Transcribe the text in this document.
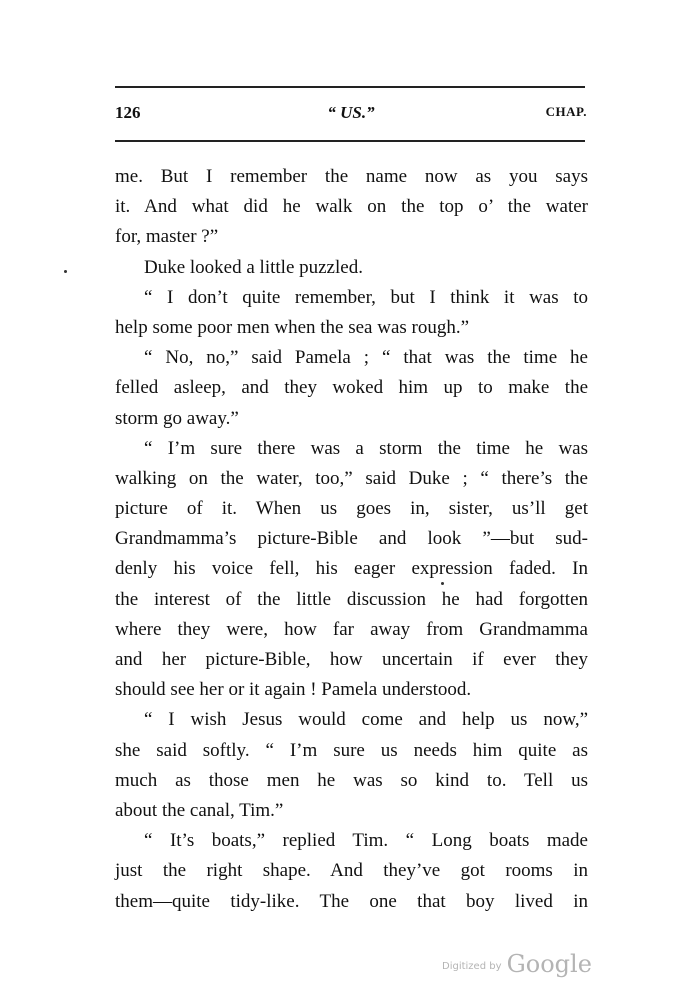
126	“ US.”	CHAP.
me. But I remember the name now as you says
it. And what did he walk on the top o’ the water
for, master ?”
Duke looked a little puzzled.
“ I don’t quite remember, but I think it was to
help some poor men when the sea was rough.”
“ No, no,” said Pamela ; “ that was the time he
felled asleep, and they woked him up to make the
storm go away.”
“ I’m sure there was a storm the time he was
walking on the water, too,” said Duke ; “ there’s the
picture of it. When us goes in, sister, us’ll get
Grandmamma’s picture-Bible and look ”—but sud-
denly his voice fell, his eager expression faded. In
the interest of the little discussion he had forgotten
where they were, how far away from Grandmamma
and her picture-Bible, how uncertain if ever they
should see her or it again ! Pamela understood.
“ I wish Jesus would come and help us now,”
she said softly. “ I’m sure us needs him quite as
much as those men he was so kind to. Tell us
about the canal, Tim.”
“ It’s boats,” replied Tim. “ Long boats made
just the right shape. And they’ve got rooms in
them—quite tidy-like. The one that boy lived in
Digitized by Google
